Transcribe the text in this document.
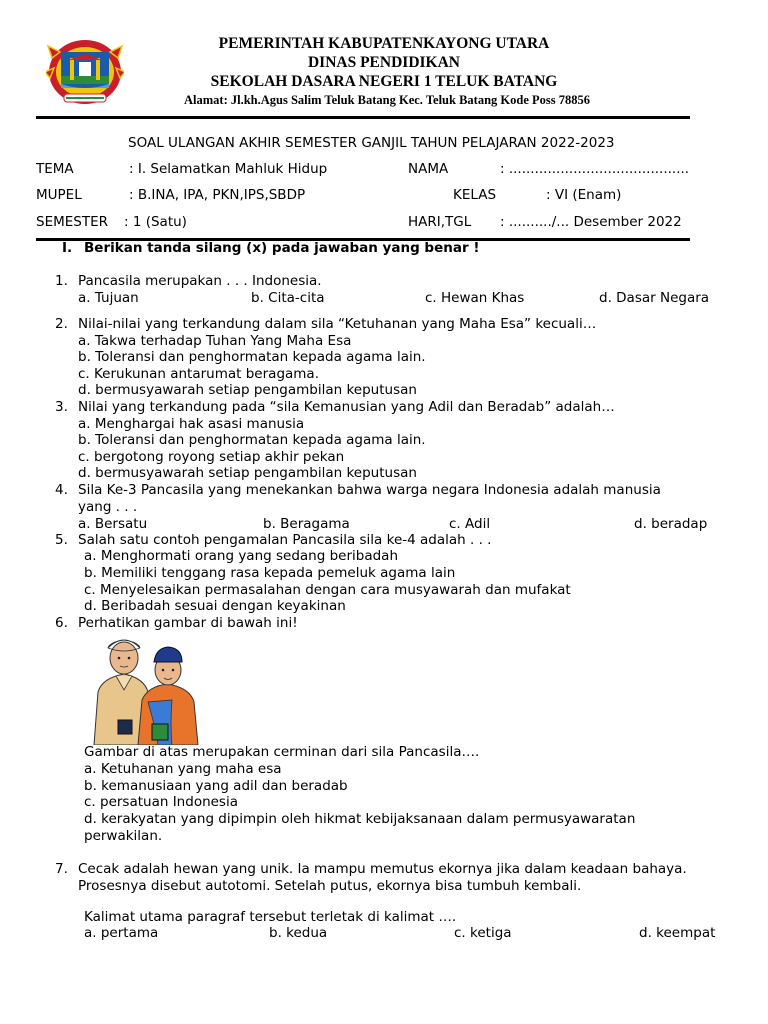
PEMERINTAH KABUPATENKAYONG UTARA
DINAS PENDIDIKAN
SEKOLAH DASARA NEGERI 1 TELUK BATANG
Alamat: Jl.kh.Agus Salim Teluk Batang Kec. Teluk Batang Kode Poss 78856
SOAL ULANGAN AKHIR SEMESTER GANJIL TAHUN PELAJARAN 2022-2023
TEMA	: I. Selamatkan Mahluk Hidup	NAMA	: ..........................................
MUPEL	: B.INA, IPA, PKN,IPS,SBDP	KELAS	: VI (Enam)
SEMESTER : 1 (Satu)	HARI,TGL : ........../... Desember 2022
I. Berikan tanda silang (x) pada jawaban yang benar !
1. Pancasila merupakan . . . Indonesia.
a. Tujuan	b. Cita-cita	c. Hewan Khas	d. Dasar Negara
2. Nilai-nilai yang terkandung dalam sila “Ketuhanan yang Maha Esa” kecuali…
a. Takwa terhadap Tuhan Yang Maha Esa
b. Toleransi dan penghormatan kepada agama lain.
c. Kerukunan antarumat beragama.
d. bermusyawarah setiap pengambilan keputusan
3. Nilai yang terkandung pada “sila Kemanusian yang Adil dan Beradab” adalah…
a. Menghargai hak asasi manusia
b. Toleransi dan penghormatan kepada agama lain.
c. bergotong royong setiap akhir pekan
d. bermusyawarah setiap pengambilan keputusan
4. Sila Ke-3 Pancasila yang menekankan bahwa warga negara Indonesia adalah manusia
yang . . .
a. Bersatu	b. Beragama	c. Adil	d. beradap
5. Salah satu contoh pengamalan Pancasila sila ke-4 adalah . . .
a. Menghormati orang yang sedang beribadah
b. Memiliki tenggang rasa kepada pemeluk agama lain
c. Menyelesaikan permasalahan dengan cara musyawarah dan mufakat
d. Beribadah sesuai dengan keyakinan
6. Perhatikan gambar di bawah ini!
Gambar di atas merupakan cerminan dari sila Pancasila….
a. Ketuhanan yang maha esa
b. kemanusiaan yang adil dan beradab
c. persatuan Indonesia
d. kerakyatan yang dipimpin oleh hikmat kebijaksanaan dalam permusyawaratan
perwakilan.
7. Cecak adalah hewan yang unik. Ia mampu memutus ekornya jika dalam keadaan bahaya.
Prosesnya disebut autotomi. Setelah putus, ekornya bisa tumbuh kembali.
Kalimat utama paragraf tersebut terletak di kalimat ….
a. pertama	b. kedua	c. ketiga	d. keempat
